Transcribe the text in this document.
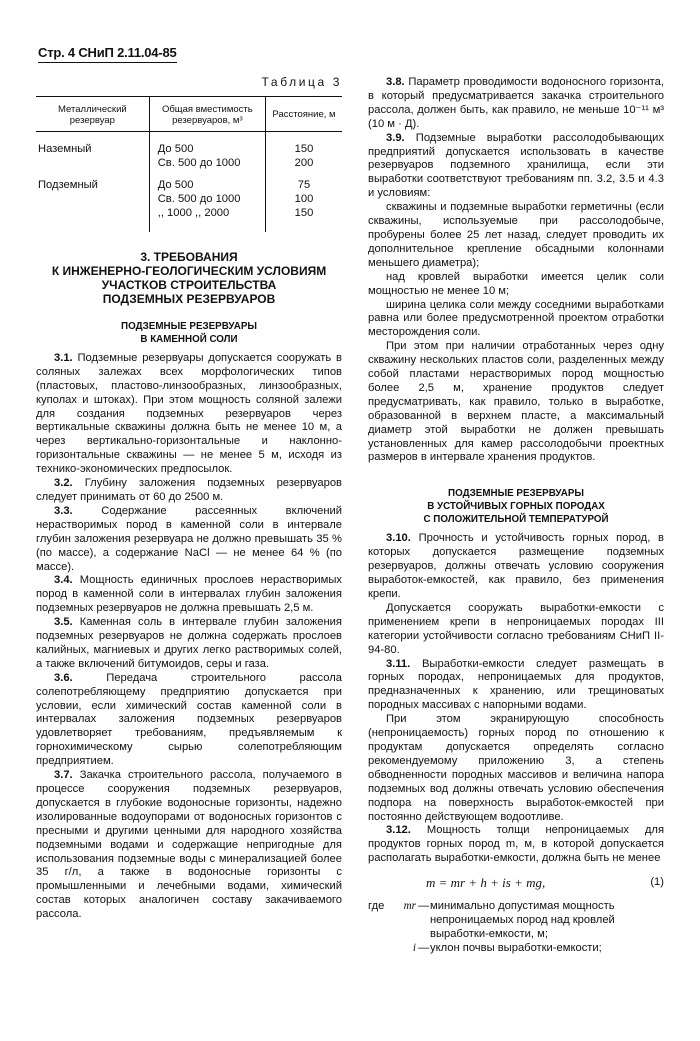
Стр. 4 СНиП 2.11.04-85
Таблица 3
Металлический резервуар	Общая вместимость резервуаров, м³	Расстояние, м
Наземный	До 500	150
	Св. 500 до 1000	200
Подземный	До 500	75
	Св. 500 до 1000	100
	,, 1000 ,, 2000	150
3. ТРЕБОВАНИЯ
К ИНЖЕНЕРНО-ГЕОЛОГИЧЕСКИМ УСЛОВИЯМ
УЧАСТКОВ СТРОИТЕЛЬСТВА
ПОДЗЕМНЫХ РЕЗЕРВУАРОВ
ПОДЗЕМНЫЕ РЕЗЕРВУАРЫ
В КАМЕННОЙ СОЛИ

3.1. Подземные резервуары допускается сооружать в соляных залежах всех морфологических типов (пластовых, пластово-линзообразных, линзообразных, куполах и штоках). При этом мощность соляной залежи для создания подземных резервуаров через вертикальные скважины должна быть не менее 10 м, а через вертикально-горизонтальные и наклонно-горизонтальные скважины — не менее 5 м, исходя из технико-экономических предпосылок.

3.2. Глубину заложения подземных резервуаров следует принимать от 60 до 2500 м.

3.3.	Содержание рассеянных включений нерастворимых пород в каменной соли в интервале глубин заложения резервуара не должно превышать 35 % (по массе), а содержание NaCl — не менее 64 % (по массе).

3.4. Мощность единичных прослоев нерастворимых пород в каменной соли в интервалах глубин заложения подземных резервуаров не должна превышать 2,5 м.

3.5. Каменная соль в интервале глубин заложения подземных резервуаров не должна содержать прослоев калийных, магниевых и других легко растворимых солей, а также включений битумоидов, серы и газа.

3.6.	Передача строительного рассола солепотребляющему предприятию допускается при условии, если химический состав каменной соли в интервалах заложения подземных резервуаров удовлетворяет требованиям, предъявляемым к горнохимическому сырью солепотребляющим предприятием.

3.7. Закачка строительного рассола, получаемого в процессе сооружения подземных резервуаров, допускается в глубокие водоносные горизонты, надежно изолированные водоупорами от водоносных горизонтов с пресными и другими ценными для народного хозяйства подземными водами и содержащие непригодные для использования подземные воды с минерализацией более 35 г/л, а также в водоносные горизонты с промышленными и лечебными водами, химический состав которых аналогичен составу закачиваемого рассола.

3.8. Параметр проводимости водоносного горизонта, в который предусматривается закачка строительного рассола, должен быть, как правило, не меньше 10⁻¹¹ м³ (10 м · Д).

3.9. Подземные выработки рассолодобывающих предприятий допускается использовать в качестве резервуаров подземного хранилища, если эти выработки соответствуют требованиям пп. 3.2, 3.5 и 4.3 и условиям:

скважины и подземные выработки герметичны (если скважины, используемые при рассолодобыче, пробурены более 25 лет назад, следует проводить их дополнительное крепление обсадными колоннами меньшего диаметра);

над кровлей выработки имеется целик соли мощностью не менее 10 м;

ширина целика соли между соседними выработками равна или более предусмотренной проектом отработки месторождения соли.

При этом при наличии отработанных через одну скважину нескольких пластов соли, разделенных между собой пластами нерастворимых пород мощностью более 2,5 м, хранение продуктов следует предусматривать, как правило, только в выработке, образованной в верхнем пласте, а максимальный диаметр этой выработки не должен превышать установленных для камер рассолодобычи проектных размеров в интервале хранения продуктов.

ПОДЗЕМНЫЕ РЕЗЕРВУАРЫ
В УСТОЙЧИВЫХ ГОРНЫХ ПОРОДАХ
С ПОЛОЖИТЕЛЬНОЙ ТЕМПЕРАТУРОЙ

3.10. Прочность и устойчивость горных пород, в которых допускается размещение подземных резервуаров, должны отвечать условию сооружения выработок-емкостей, как правило, без применения крепи.

Допускается сооружать выработки-емкости с применением крепи в непроницаемых породах III категории устойчивости согласно требованиям СНиП II-94-80.

3.11. Выработки-емкости следует размещать в горных породах, непроницаемых для продуктов, предназначенных к хранению, или трещиноватых породных массивах с напорными водами.

При этом экранирующую способность (непроницаемость) горных пород по отношению к продуктам допускается определять согласно рекомендуемому приложению 3, а степень обводненности породных массивов и величина напора подземных вод должны отвечать условию обеспечения подпора на поверхность выработок-емкостей при постоянно действующем водоотливе.

3.12. Мощность толщи непроницаемых для продуктов горных пород m, м, в которой допускается располагать выработки-емкости, должна быть не менее

m = mr + h + is + mg,	(1)
где	mr — минимально допустимая мощность непроницаемых пород над кровлей выработки-емкости, м;
i — уклон почвы выработки-емкости;
